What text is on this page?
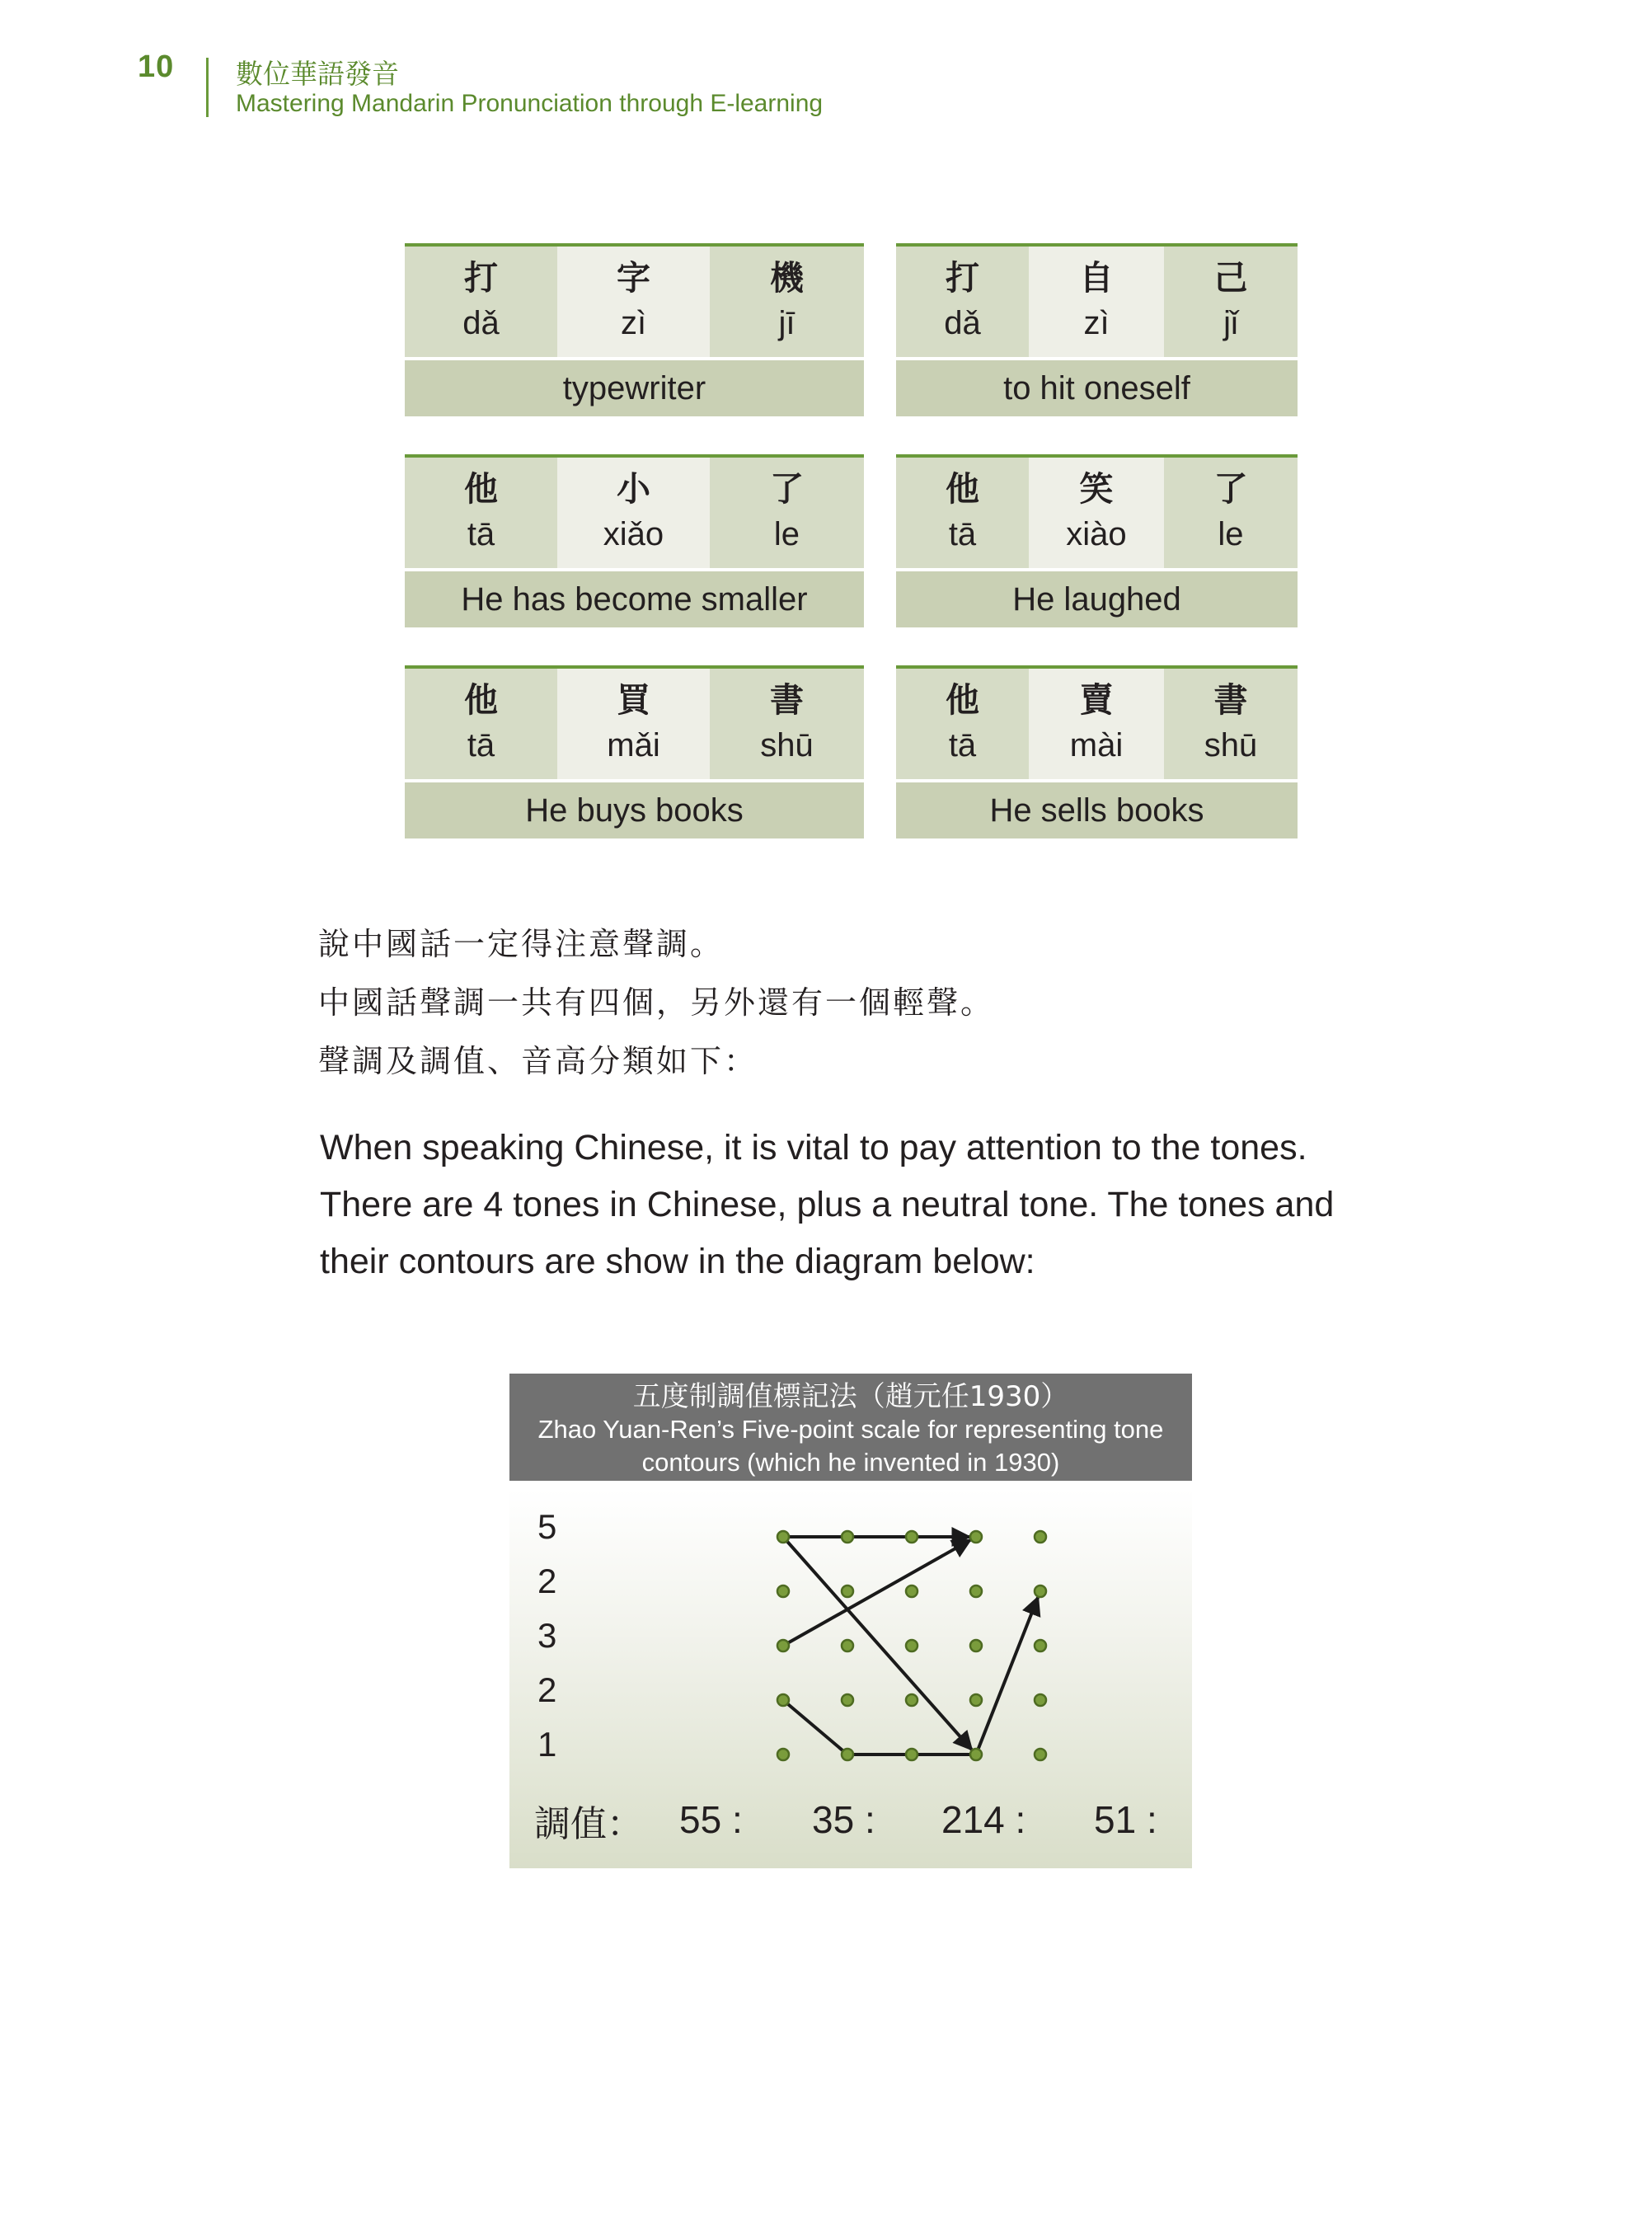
10 數位華語發音
Mastering Mandarin Pronunciation through E-learning
打
dǎ
字
zì
機
jī
typewriter
打
dǎ
自
zì
己
jǐ
to hit oneself
他
tā
小
xiǎo
了
le
He has become smaller
他
tā
笑
xiào
了
le
He laughed
他
tā
買
mǎi
書
shū
He buys books
他
tā
賣
mài
書
shū
He sells books
說中國話一定得注意聲調。
中國話聲調一共有四個，另外還有一個輕聲。
聲調及調值、音高分類如下：
When speaking Chinese, it is vital to pay attention to the tones.
There are 4 tones in Chinese, plus a neutral tone. The tones and
their contours are show in the diagram below:
五度制調值標記法（趙元任1930）
Zhao Yuan-Ren’s Five-point scale for representing tone
contours (which he invented in 1930)
調值：
5
2
3
2
1
55 : 35 : 214 : 51 :
